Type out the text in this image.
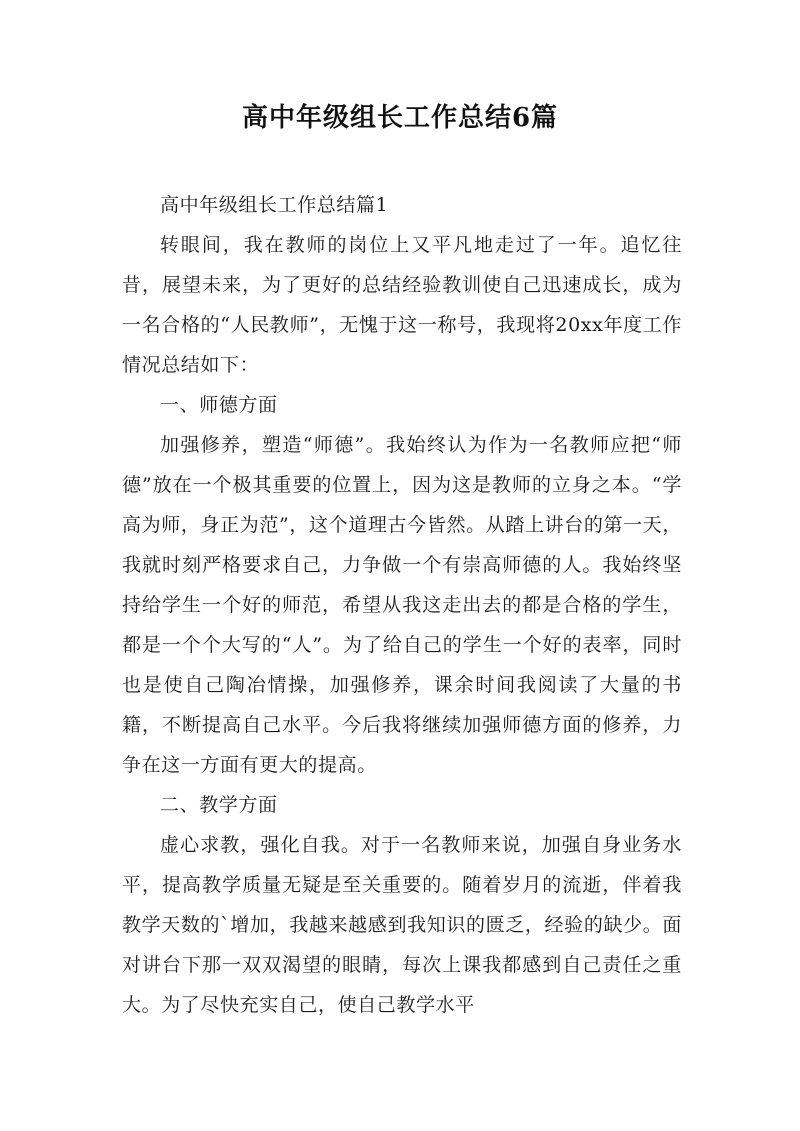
高中年级组长工作总结6篇

高中年级组长工作总结篇1

转眼间，我在教师的岗位上又平凡地走过了一年。追忆往昔，展望未来，为了更好的总结经验教训使自己迅速成长，成为一名合格的“人民教师”，无愧于这一称号，我现将20xx年度工作情况总结如下：

一、师德方面

加强修养，塑造“师德”。我始终认为作为一名教师应把“师德”放在一个极其重要的位置上，因为这是教师的立身之本。“学高为师，身正为范”，这个道理古今皆然。从踏上讲台的第一天，我就时刻严格要求自己，力争做一个有崇高师德的人。我始终坚持给学生一个好的师范，希望从我这走出去的都是合格的学生，都是一个个大写的“人”。为了给自己的学生一个好的表率，同时也是使自己陶冶情操，加强修养，课余时间我阅读了大量的书籍，不断提高自己水平。今后我将继续加强师德方面的修养，力争在这一方面有更大的提高。

二、教学方面

虚心求教，强化自我。对于一名教师来说，加强自身业务水平，提高教学质量无疑是至关重要的。随着岁月的流逝，伴着我教学天数的`增加，我越来越感到我知识的匮乏，经验的缺少。面对讲台下那一双双渴望的眼睛，每次上课我都感到自己责任之重大。为了尽快充实自己，使自己教学水平
